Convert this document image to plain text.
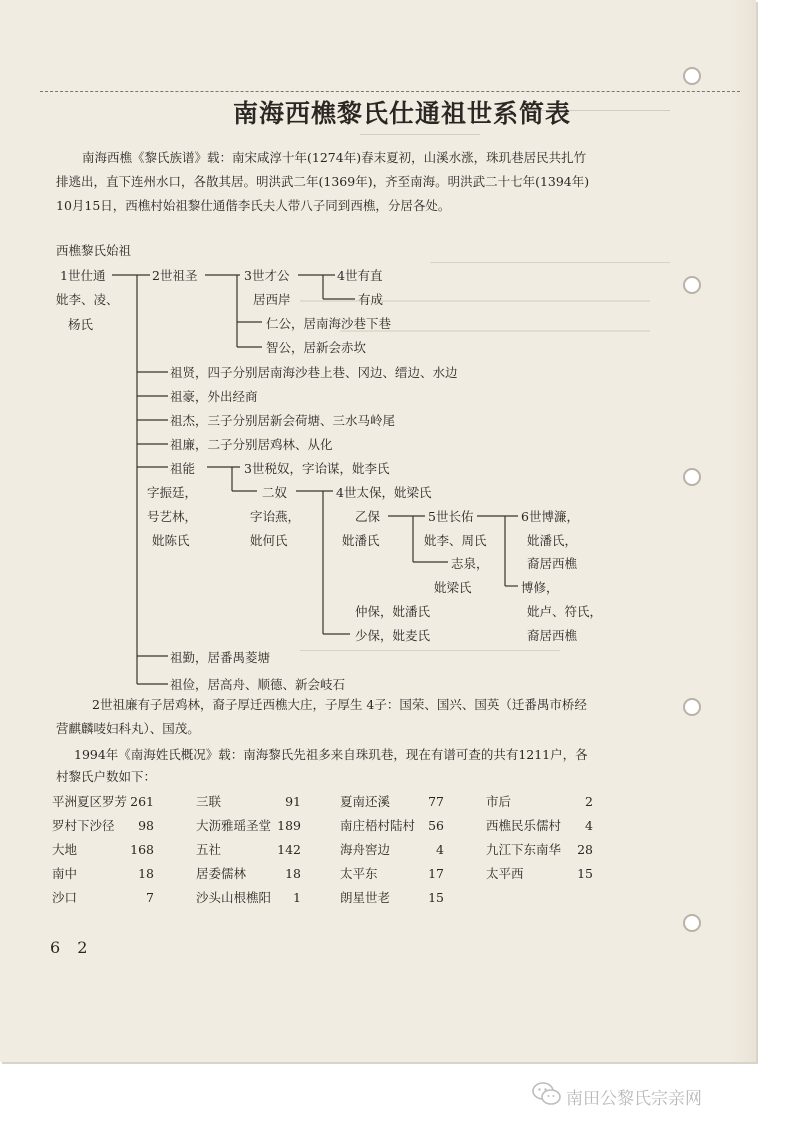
南海西樵黎氏仕通祖世系简表
南海西樵《黎氏族谱》载：南宋咸淳十年(1274年)春末夏初，山溪水涨，珠玑巷居民共扎竹
排逃出，直下连州水口，各散其居。明洪武二年(1369年)，齐至南海。明洪武二十七年(1394年)
10月15日，西樵村始祖黎仕通偕李氏夫人带八子同到西樵，分居各处。
西樵黎氏始祖
1世仕通
妣李、凌、
杨氏
2世祖圣	3世才公
居西岸
4世有直
有成
仁公，居南海沙巷下巷
智公，居新会赤坎
祖贤，四子分别居南海沙巷上巷、冈边、缙边、水边
祖豪，外出经商
祖杰，三子分别居新会荷塘、三水马岭尾
祖廉，二子分别居鸡林、从化
祖能	3世税奴，字诒谋，妣李氏
字振廷，
号艺林，
妣陈氏
二奴
字诒燕，
妣何氏
4世太保，妣梁氏
乙保
妣潘氏
仲保，妣潘氏
少保，妣麦氏
5世长佑
妣李、周氏
志泉，
妣梁氏
6世博濂，
妣潘氏，
裔居西樵
博修，
妣卢、符氏，
裔居西樵
祖勤，居番禺菱塘
祖俭，居高舟、顺德、新会岐石
2世祖廉有子居鸡林，裔子厚迁西樵大庄，子厚生 4子：国荣、国兴、国英（迁番禺市桥经
营麒麟唛妇科丸）、国茂。
1994年《南海姓氏概况》载：南海黎氏先祖多来自珠玑巷，现在有谱可查的共有1211户，各
村黎氏户数如下：
平洲夏区罗芳 261	三联	91	夏南还溪	77	市后	2
罗村下沙径	98	大沥雅瑶圣堂 189	南庄梧村陆村	56	西樵民乐儒村	4
大地	168	五社	142	海舟窖边	4	九江下东南华	28
南中	18	居委儒林	18	太平东	17	太平西	15
沙口	7	沙头山根樵阳	1	朗星世老	15
6 2
南田公黎氏宗亲网
